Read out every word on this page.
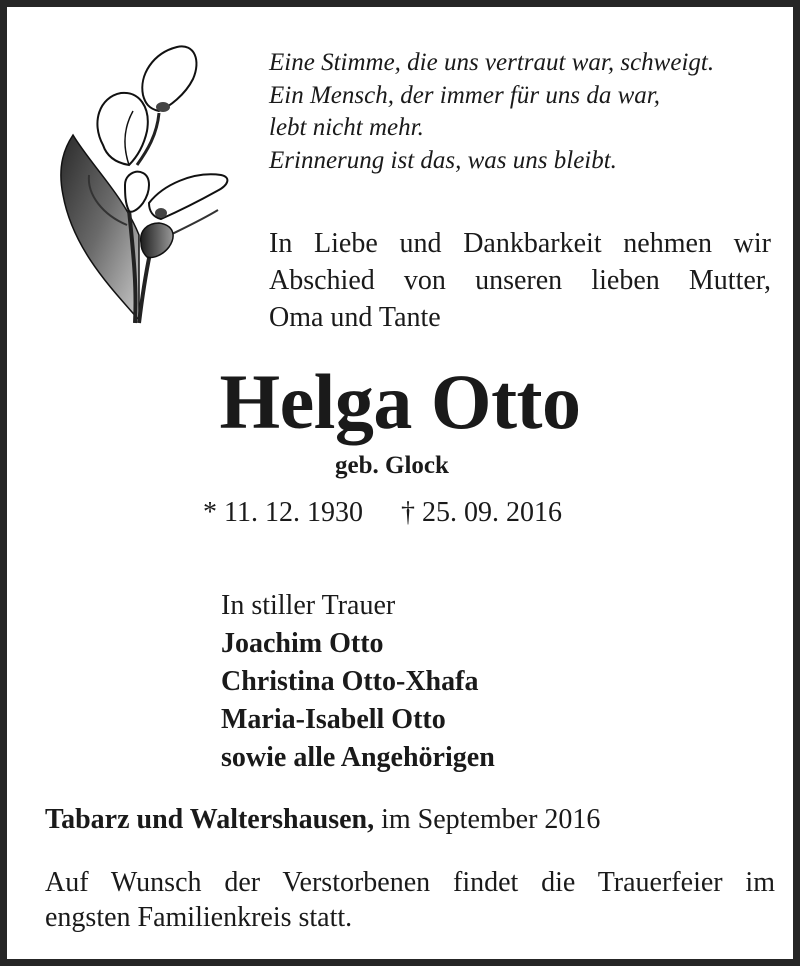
Eine Stimme, die uns vertraut war, schweigt.
Ein Mensch, der immer für uns da war,
lebt nicht mehr.
Erinnerung ist das, was uns bleibt.
In Liebe und Dankbarkeit nehmen wir
Abschied von unseren lieben Mutter,
Oma und Tante
Helga Otto
geb. Glock
* 11. 12. 1930 † 25. 09. 2016
In stiller Trauer
Joachim Otto
Christina Otto-Xhafa
Maria-Isabell Otto
sowie alle Angehörigen
Tabarz und Waltershausen, im September 2016
Auf Wunsch der Verstorbenen findet die Trauerfeier im
engsten Familienkreis statt.
